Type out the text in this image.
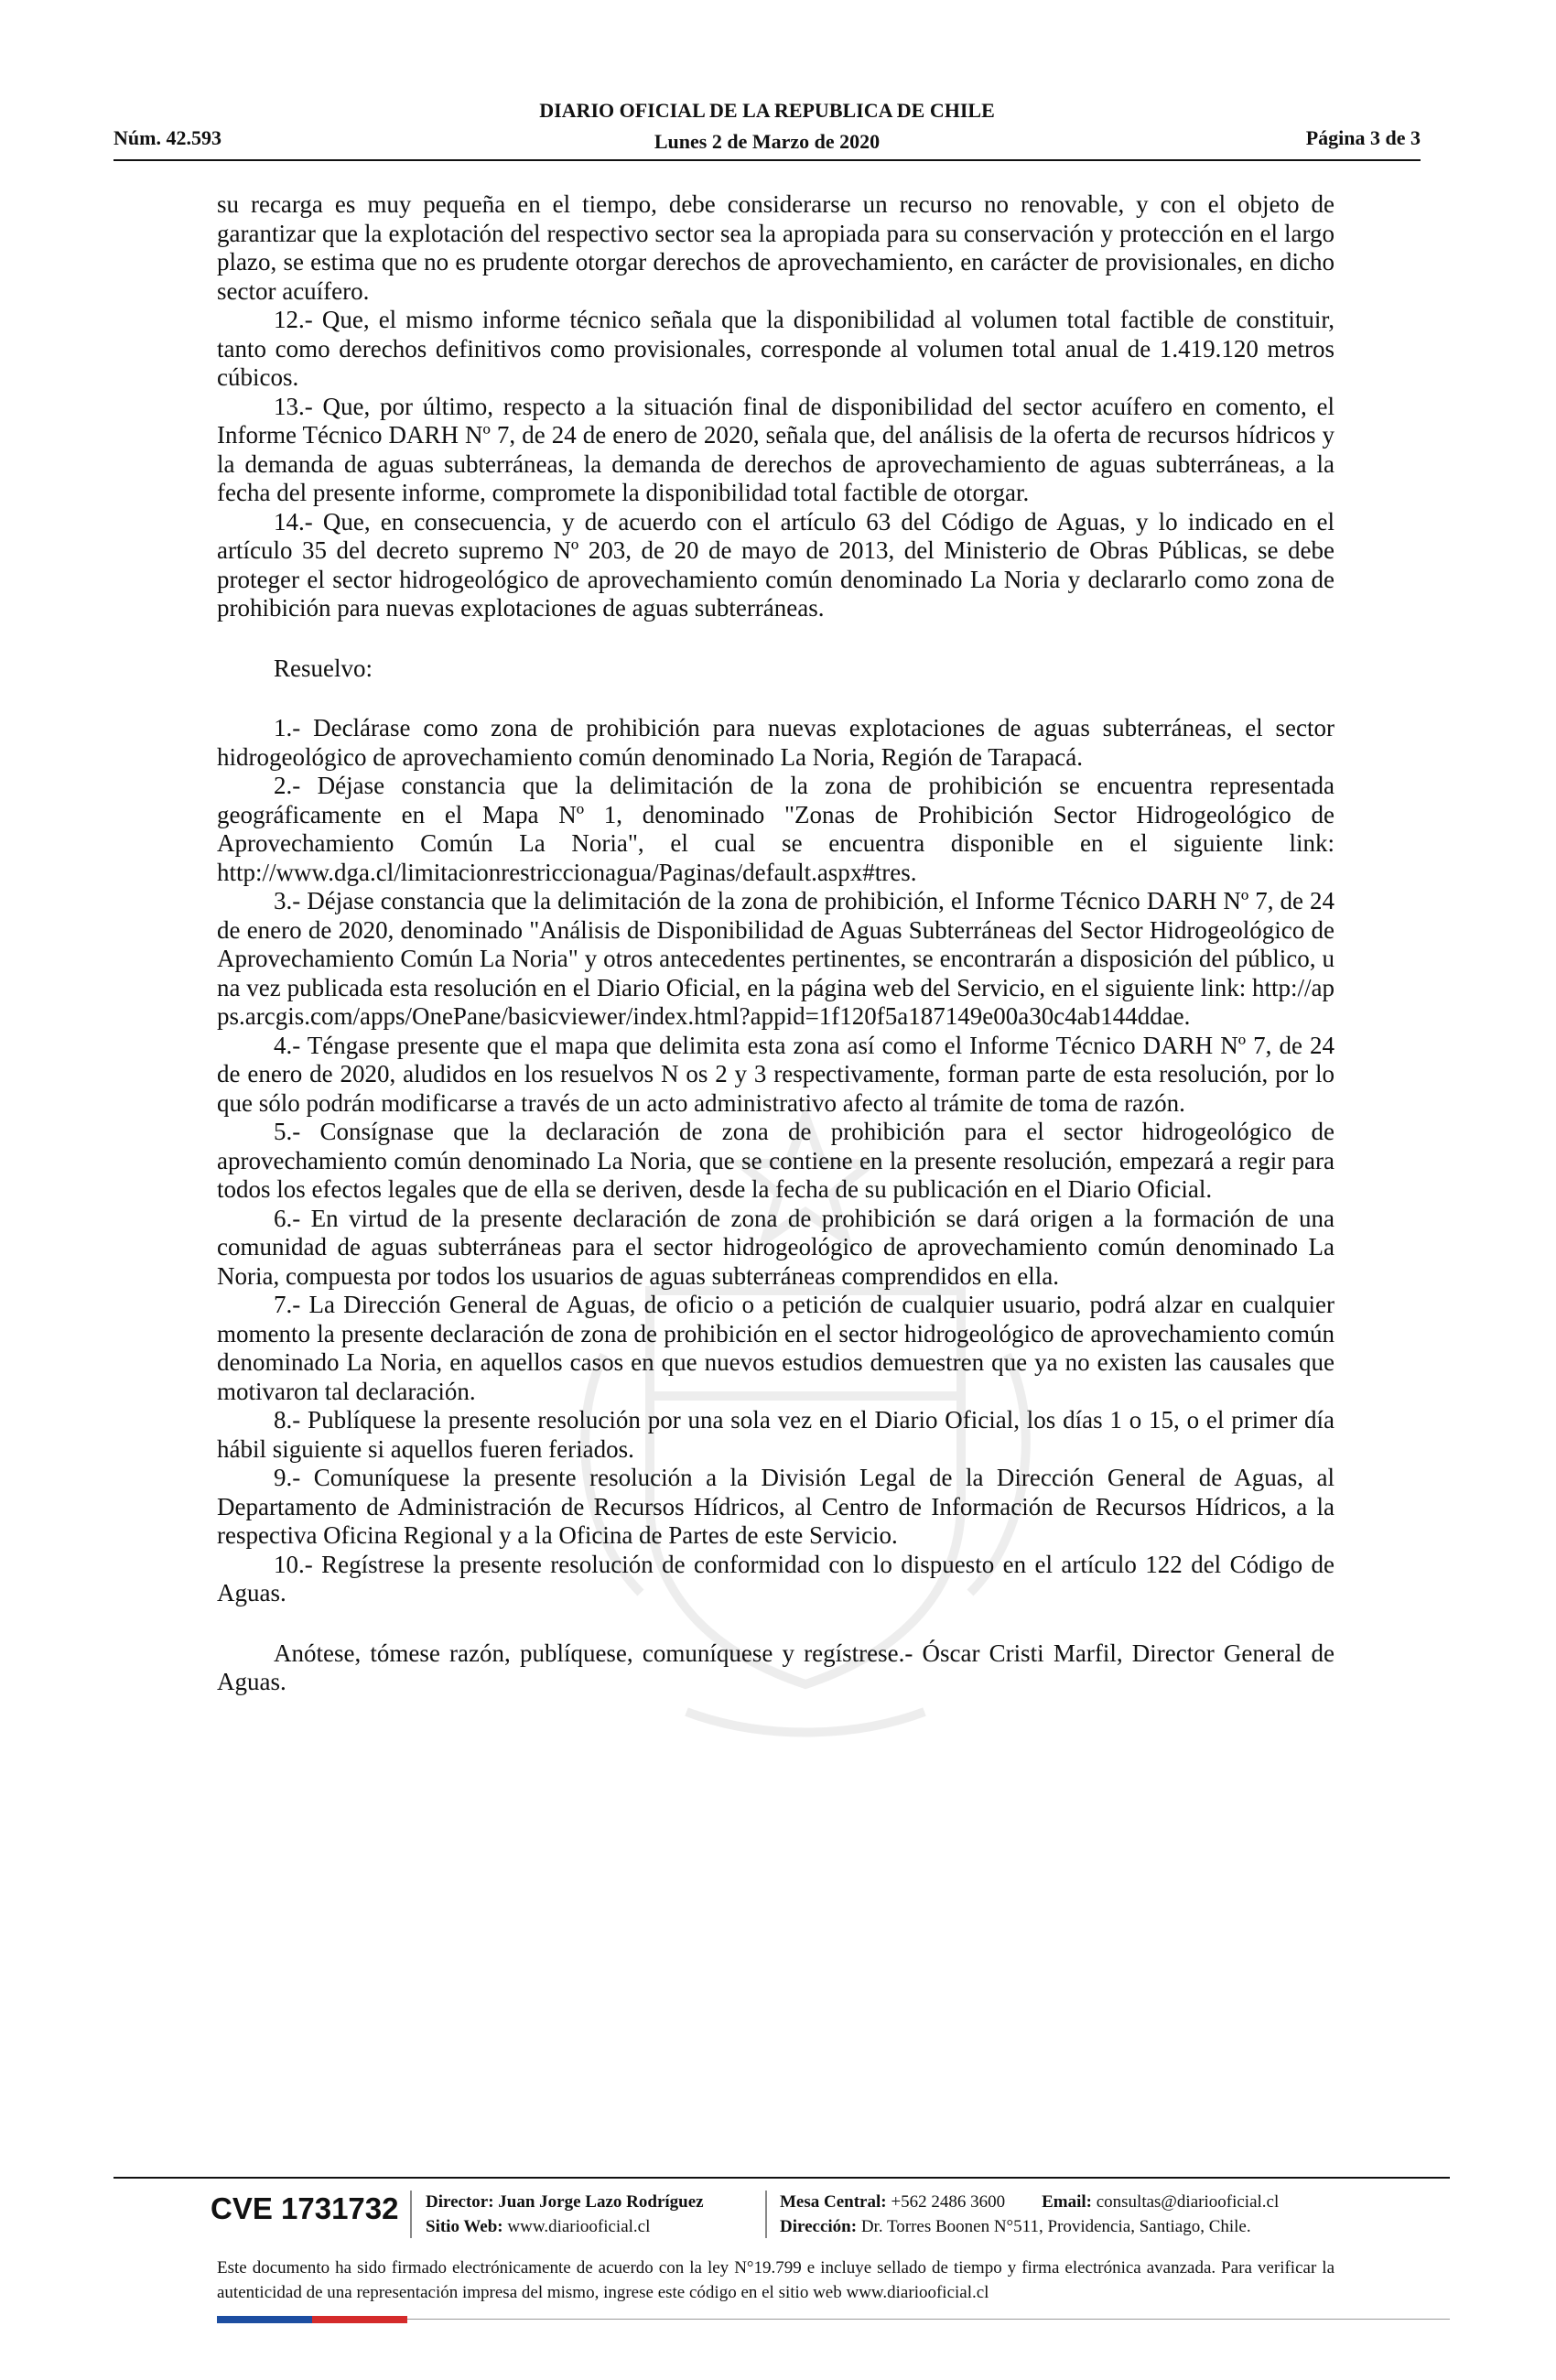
Núm. 42.593
DIARIO OFICIAL DE LA REPUBLICA DE CHILE
Lunes 2 de Marzo de 2020	Página 3 de 3

su recarga es muy pequeña en el tiempo, debe considerarse un recurso no renovable, y con el objeto de garantizar que la explotación del respectivo sector sea la apropiada para su conservación y protección en el largo plazo, se estima que no es prudente otorgar derechos de aprovechamiento, en carácter de provisionales, en dicho sector acuífero.

12.- Que, el mismo informe técnico señala que la disponibilidad al volumen total factible de constituir, tanto como derechos definitivos como provisionales, corresponde al volumen total anual de 1.419.120 metros cúbicos.

13.- Que, por último, respecto a la situación final de disponibilidad del sector acuífero en comento, el Informe Técnico DARH Nº 7, de 24 de enero de 2020, señala que, del análisis de la oferta de recursos hídricos y la demanda de aguas subterráneas, la demanda de derechos de aprovechamiento de aguas subterráneas, a la fecha del presente informe, compromete la disponibilidad total factible de otorgar.

14.- Que, en consecuencia, y de acuerdo con el artículo 63 del Código de Aguas, y lo indicado en el artículo 35 del decreto supremo Nº 203, de 20 de mayo de 2013, del Ministerio de Obras Públicas, se debe proteger el sector hidrogeológico de aprovechamiento común denominado La Noria y declararlo como zona de prohibición para nuevas explotaciones de aguas subterráneas.

Resuelvo:

1.- Declárase como zona de prohibición para nuevas explotaciones de aguas subterráneas, el sector hidrogeológico de aprovechamiento común denominado La Noria, Región de Tarapacá.

2.- Déjase constancia que la delimitación de la zona de prohibición se encuentra representada geográficamente en el Mapa Nº 1, denominado "Zonas de Prohibición Sector Hidrogeológico de Aprovechamiento Común La Noria", el cual se encuentra disponible en el siguiente link: http://www.dga.cl/limitacionrestriccionagua/Paginas/default.aspx#tres.

3.- Déjase constancia que la delimitación de la zona de prohibición, el Informe Técnico DARH Nº 7, de 24 de enero de 2020, denominado "Análisis de Disponibilidad de Aguas Subterráneas del Sector Hidrogeológico de Aprovechamiento Común La Noria" y otros antecedentes pertinentes, se encontrarán a disposición del público, una vez publicada esta resolución en el Diario Oficial, en la página web del Servicio, en el siguiente link: http://apps.arcgis.com/apps/OnePane/basicviewer/index.html?appid=1f120f5a187149e00a30c4ab144ddae.

4.- Téngase presente que el mapa que delimita esta zona así como el Informe Técnico DARH Nº 7, de 24 de enero de 2020, aludidos en los resuelvos N os 2 y 3 respectivamente, forman parte de esta resolución, por lo que sólo podrán modificarse a través de un acto administrativo afecto al trámite de toma de razón.

5.- Consígnase que la declaración de zona de prohibición para el sector hidrogeológico de aprovechamiento común denominado La Noria, que se contiene en la presente resolución, empezará a regir para todos los efectos legales que de ella se deriven, desde la fecha de su publicación en el Diario Oficial.

6.- En virtud de la presente declaración de zona de prohibición se dará origen a la formación de una comunidad de aguas subterráneas para el sector hidrogeológico de aprovechamiento común denominado La Noria, compuesta por todos los usuarios de aguas subterráneas comprendidos en ella.

7.- La Dirección General de Aguas, de oficio o a petición de cualquier usuario, podrá alzar en cualquier momento la presente declaración de zona de prohibición en el sector hidrogeológico de aprovechamiento común denominado La Noria, en aquellos casos en que nuevos estudios demuestren que ya no existen las causales que motivaron tal declaración.

8.- Publíquese la presente resolución por una sola vez en el Diario Oficial, los días 1 o 15, o el primer día hábil siguiente si aquellos fueren feriados.

9.- Comuníquese la presente resolución a la División Legal de la Dirección General de Aguas, al Departamento de Administración de Recursos Hídricos, al Centro de Información de Recursos Hídricos, a la respectiva Oficina Regional y a la Oficina de Partes de este Servicio.

10.- Regístrese la presente resolución de conformidad con lo dispuesto en el artículo 122 del Código de Aguas.

Anótese, tómese razón, publíquese, comuníquese y regístrese.- Óscar Cristi Marfil, Director General de Aguas.

CVE 1731732 Director: Juan Jorge Lazo Rodríguez
Sitio Web: www.diariooficial.cl
Mesa Central: +562 2486 3600 Email: consultas@diariooficial.cl
Dirección: Dr. Torres Boonen N°511, Providencia, Santiago, Chile.
Este documento ha sido firmado electrónicamente de acuerdo con la ley N°19.799 e incluye sellado de tiempo y firma electrónica avanzada. Para verificar la autenticidad de una representación impresa del mismo, ingrese este código en el sitio web www.diariooficial.cl
